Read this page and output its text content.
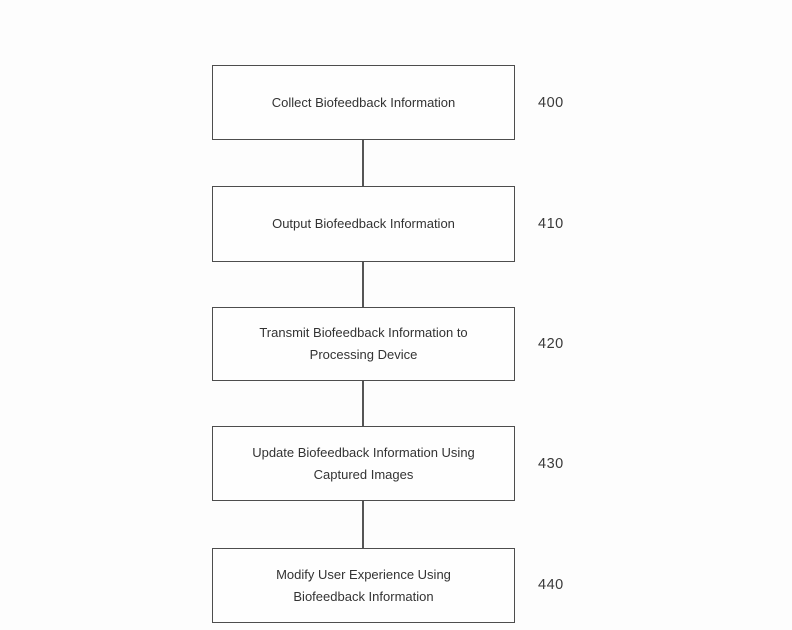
Collect Biofeedback Information	400
Output Biofeedback Information	410
Transmit Biofeedback Information to Processing Device
420
Update Biofeedback Information Using Captured Images
430
Modify User Experience Using Biofeedback Information
440
